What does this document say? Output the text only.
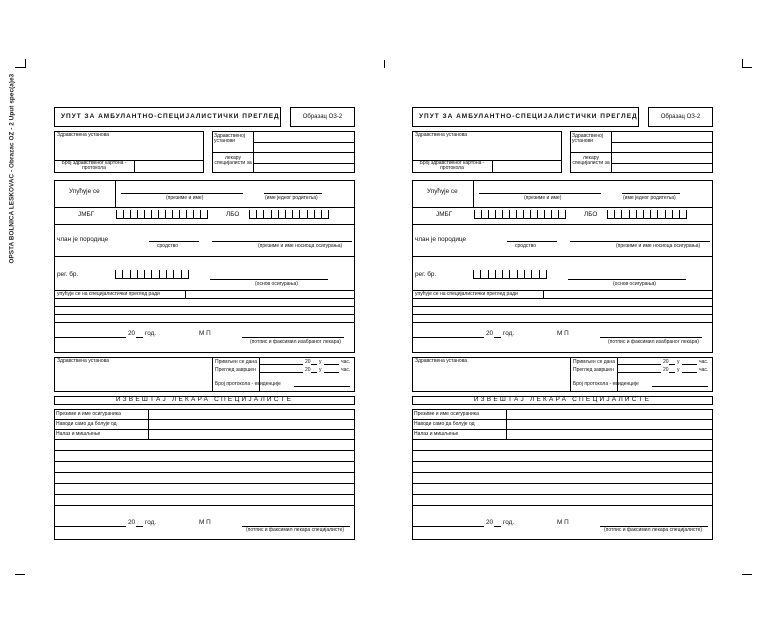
OPSTA BOLNICA LESKOVAC - Obrazac OZ - 2 Uput spec(a)e3	УПУТ ЗА АМБУЛАНТНО-СПЕЦИЈАЛИСТИЧКИ ПРЕГЛЕД	Образац ОЗ-2
Здравствена установа
Број здравственог картона - протокола
Здравственој установи
лекару специјалисти за
Упућује се
(презиме и име)	(име једног родитеља)
ЈМБГ	ЛБО
члан је породице
сродство	(презиме и име носиоца осигурања)
рег. бр.
(основ осигурања)
упућује се на специјалистички преглед ради
20 год.	М П
(потпис и факсимил изабраног лекара)
Здравствена установа	Примљен се дана	20 у	час.
Преглед завршен	20 у	час.
Број протокола - евиденције
ИЗВЕШТАЈ ЛЕКАРА СПЕЦИЈАЛИСТЕ
Презиме и име осигураника
Наводи само да болује од
Налаз и мишљење
20 год.	М П
(потпис и факсимил лекара специјалисте)
УПУТ ЗА АМБУЛАНТНО-СПЕЦИЈАЛИСТИЧКИ ПРЕГЛЕД	Образац ОЗ-2
Здравствена установа
Број здравственог картона - протокола
Здравственој установи
лекару специјалисти за
Упућује се
(презиме и име)	(име једног родитеља)
ЈМБГ	ЛБО
члан је породице
сродство	(презиме и име носиоца осигурања)
рег. бр.
(основ осигурања)
упућује се на специјалистички преглед ради
20 год.	М П
(потпис и факсимил изабраног лекара)
Здравствена установа	Примљен се дана	20 у	час.
Преглед завршен	20 у	час.
Број протокола - евиденције
ИЗВЕШТАЈ ЛЕКАРА СПЕЦИЈАЛИСТЕ
Презиме и име осигураника
Наводи само да болује од
Налаз и мишљење
20 год.	М П
(потпис и факсимил лекара специјалисте)
